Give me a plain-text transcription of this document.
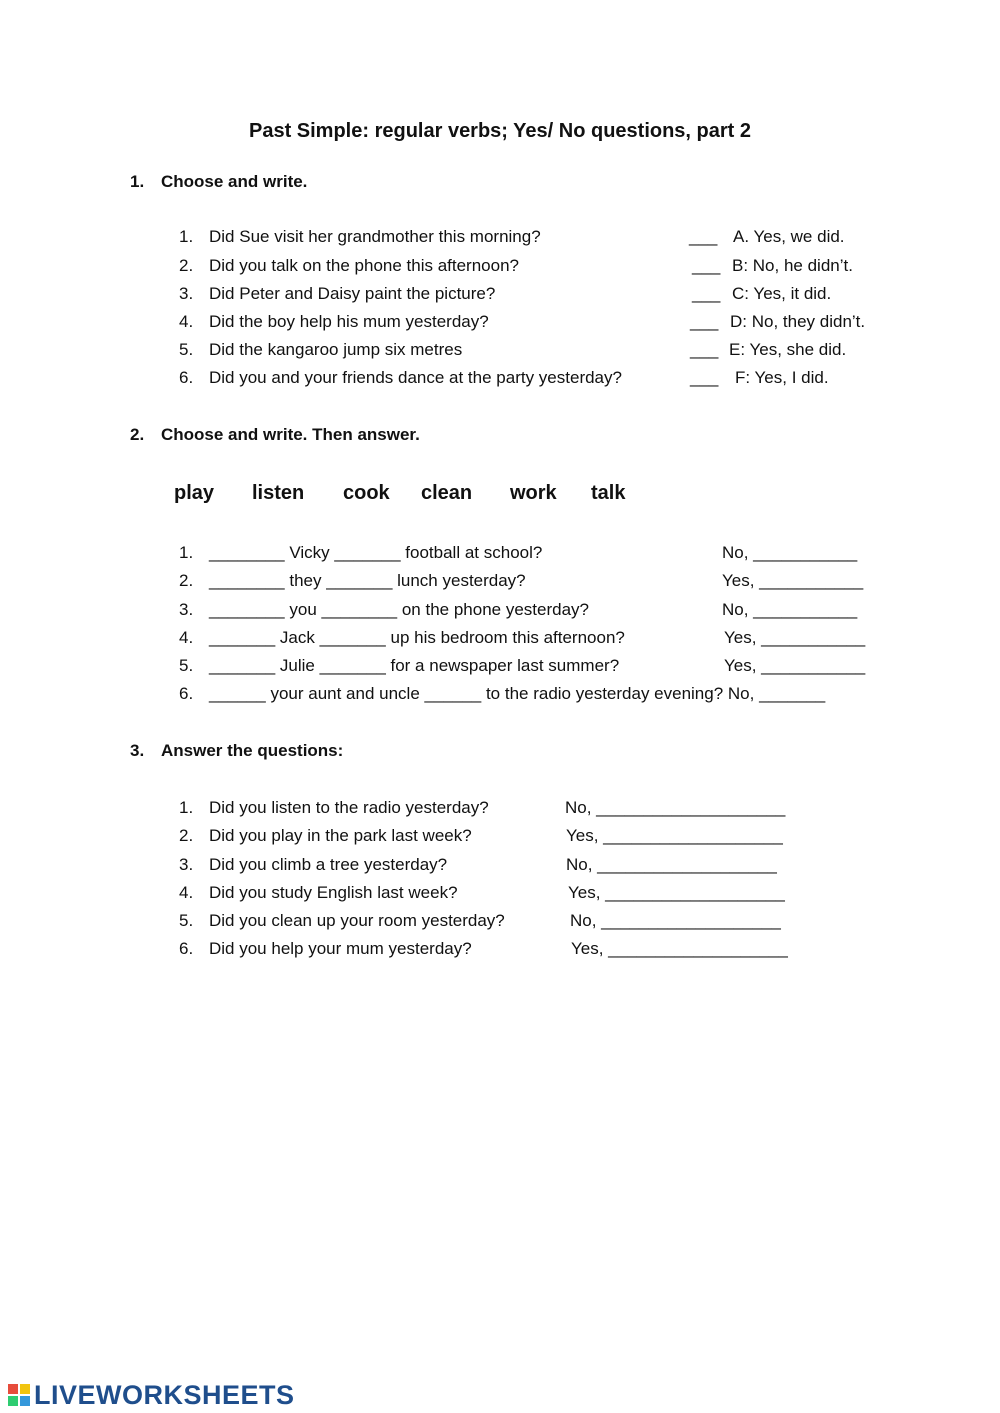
Past Simple: regular verbs; Yes/ No questions, part 2
1. Choose and write.
1. Did Sue visit her grandmother this morning?	___ A. Yes, we did.
2. Did you talk on the phone this afternoon?	___ B: No, he didn’t.
3. Did Peter and Daisy paint the picture?	___ C: Yes, it did.
4. Did the boy help his mum yesterday?	___ D: No, they didn’t.
5. Did the kangaroo jump six metres	___ E: Yes, she did.
6. Did you and your friends dance at the party yesterday?	___ F: Yes, I did.
2. Choose and write. Then answer.
play listen cook clean work talk
1. ________ Vicky _______ football at school?	No, ___________
2. ________ they _______ lunch yesterday?	Yes, ___________
3. ________ you ________ on the phone yesterday?	No, ___________
4. _______ Jack _______ up his bedroom this afternoon?	Yes, ___________
5. _______ Julie _______ for a newspaper last summer?	Yes, ___________
6. ______ your aunt and uncle ______ to the radio yesterday evening? No, _______
3. Answer the questions:
1. Did you listen to the radio yesterday?	No, ____________________
2. Did you play in the park last week?	Yes, ___________________
3. Did you climb a tree yesterday?	No, ___________________
4. Did you study English last week?	Yes, ___________________
5. Did you clean up your room yesterday?	No, ___________________
6. Did you help your mum yesterday?	Yes, ___________________
LIVEWORKSHEETS
